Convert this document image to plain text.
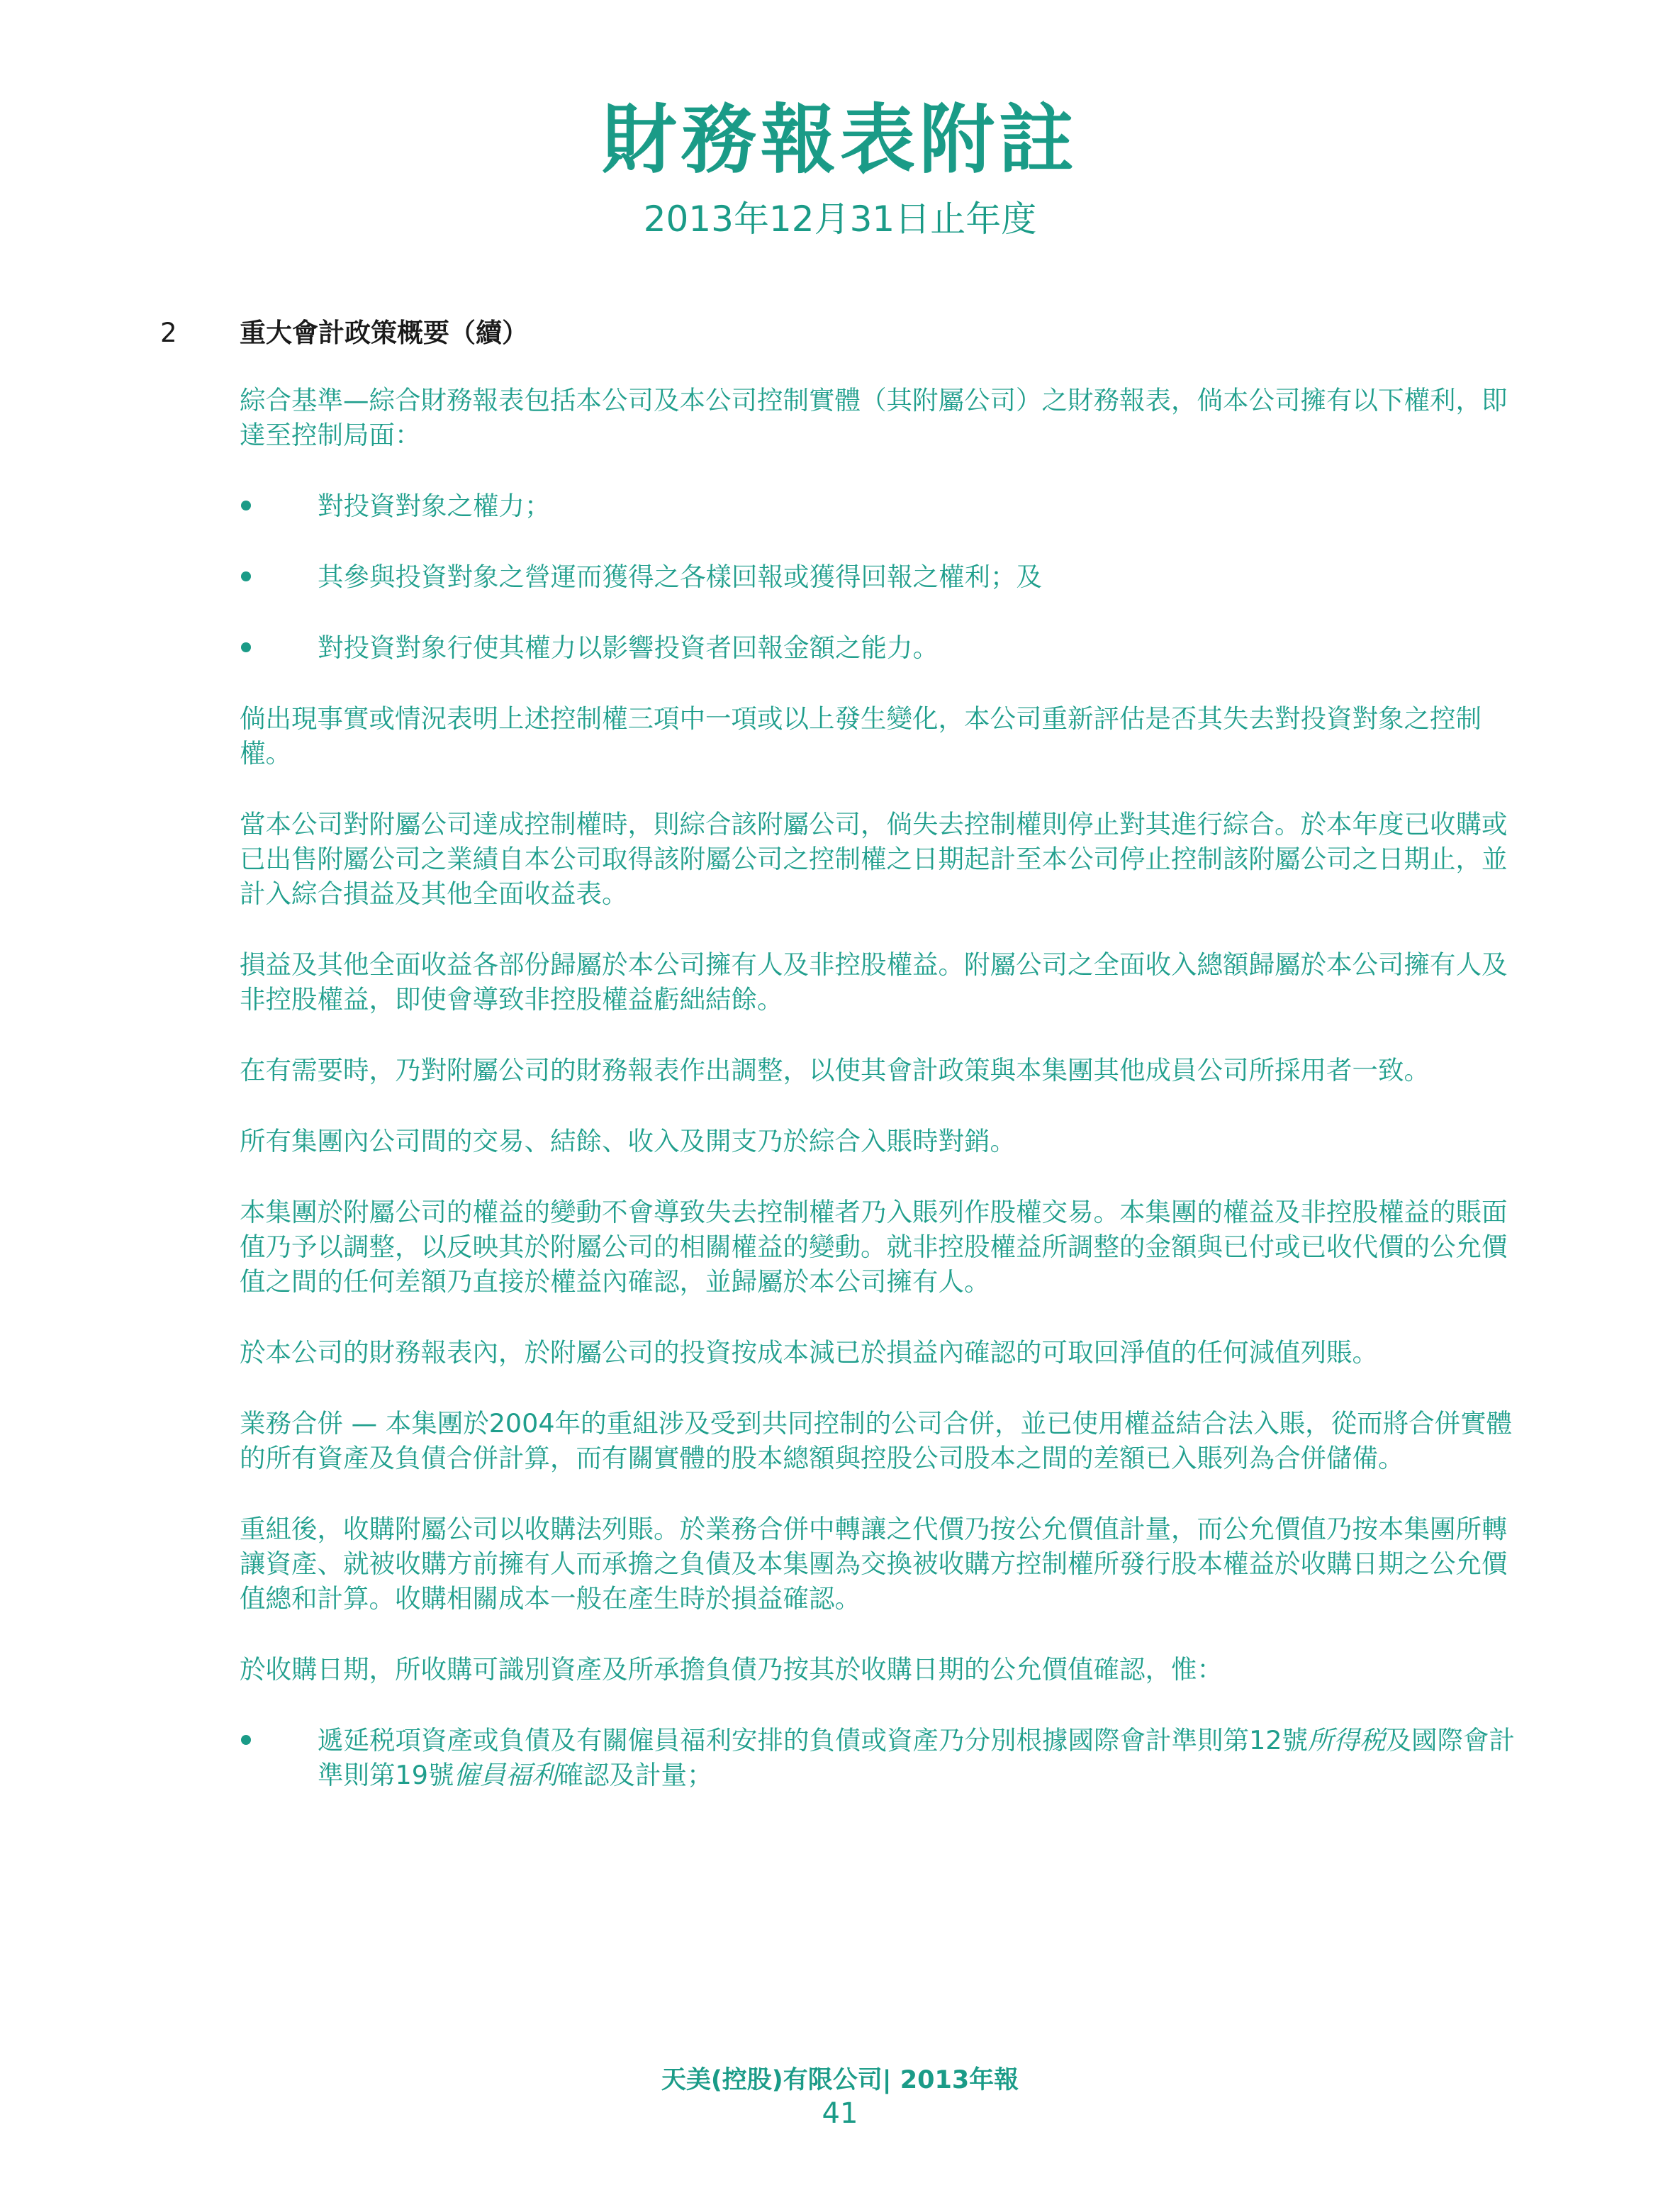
財務報表附註
2013年12月31日止年度
2 重大會計政策概要（續）

綜合基準—綜合財務報表包括本公司及本公司控制實體（其附屬公司）之財務報表，倘本公司擁有以下權利，即達至控制局面：

對投資對象之權力；
其參與投資對象之營運而獲得之各樣回報或獲得回報之權利；及
對投資對象行使其權力以影響投資者回報金額之能力。

倘出現事實或情況表明上述控制權三項中一項或以上發生變化，本公司重新評估是否其失去對投資對象之控制權。

當本公司對附屬公司達成控制權時，則綜合該附屬公司，倘失去控制權則停止對其進行綜合。於本年度已收購或已出售附屬公司之業績自本公司取得該附屬公司之控制權之日期起計至本公司停止控制該附屬公司之日期止，並計入綜合損益及其他全面收益表。

損益及其他全面收益各部份歸屬於本公司擁有人及非控股權益。附屬公司之全面收入總額歸屬於本公司擁有人及非控股權益，即使會導致非控股權益虧絀結餘。

在有需要時，乃對附屬公司的財務報表作出調整，以使其會計政策與本集團其他成員公司所採用者一致。

所有集團內公司間的交易、結餘、收入及開支乃於綜合入賬時對銷。

本集團於附屬公司的權益的變動不會導致失去控制權者乃入賬列作股權交易。本集團的權益及非控股權益的賬面值乃予以調整，以反映其於附屬公司的相關權益的變動。就非控股權益所調整的金額與已付或已收代價的公允價值之間的任何差額乃直接於權益內確認，並歸屬於本公司擁有人。

於本公司的財務報表內，於附屬公司的投資按成本減已於損益內確認的可取回淨值的任何減值列賬。

業務合併 — 本集團於2004年的重組涉及受到共同控制的公司合併，並已使用權益結合法入賬，從而將合併實體的所有資產及負債合併計算，而有關實體的股本總額與控股公司股本之間的差額已入賬列為合併儲備。

重組後，收購附屬公司以收購法列賬。於業務合併中轉讓之代價乃按公允價值計量，而公允價值乃按本集團所轉讓資產、就被收購方前擁有人而承擔之負債及本集團為交換被收購方控制權所發行股本權益於收購日期之公允價值總和計算。收購相關成本一般在產生時於損益確認。

於收購日期，所收購可識別資產及所承擔負債乃按其於收購日期的公允價值確認，惟：

遞延税項資產或負債及有關僱員福利安排的負債或資產乃分別根據國際會計準則第12號所得税及國際會計準則第19號僱員福利確認及計量；
天美(控股)有限公司| 2013年報
41
